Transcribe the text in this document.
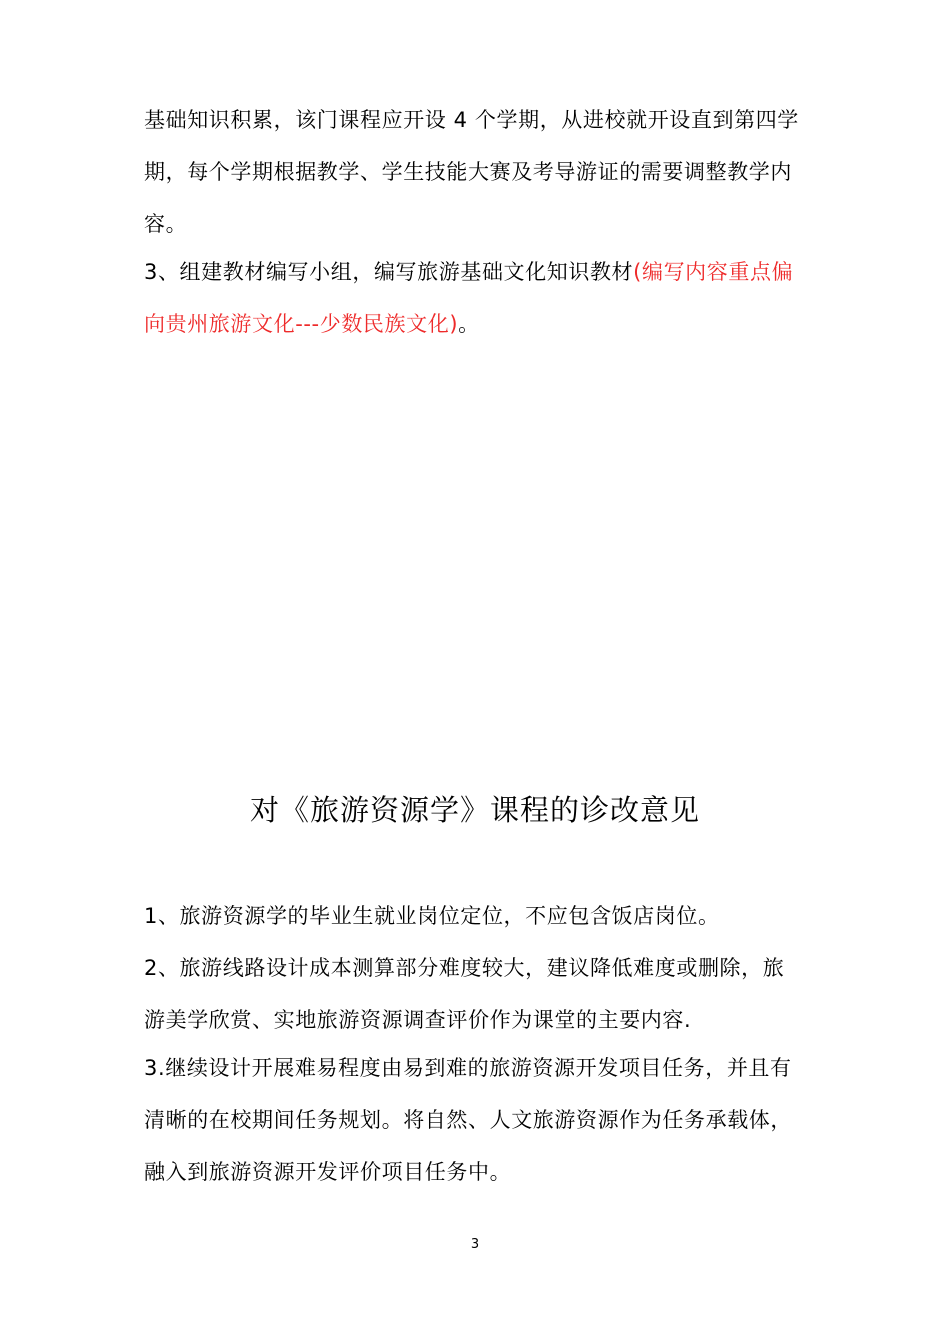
基础知识积累，该门课程应开设 4 个学期，从进校就开设直到第四学
期，每个学期根据教学、学生技能大赛及考导游证的需要调整教学内
容。
3、组建教材编写小组，编写旅游基础文化知识教材(编写内容重点偏
向贵州旅游文化---少数民族文化)。
对《旅游资源学》课程的诊改意见
1、旅游资源学的毕业生就业岗位定位，不应包含饭店岗位。
2、旅游线路设计成本测算部分难度较大，建议降低难度或删除，旅
游美学欣赏、实地旅游资源调查评价作为课堂的主要内容.
3.继续设计开展难易程度由易到难的旅游资源开发项目任务，并且有
清晰的在校期间任务规划。将自然、人文旅游资源作为任务承载体，
融入到旅游资源开发评价项目任务中。
3
